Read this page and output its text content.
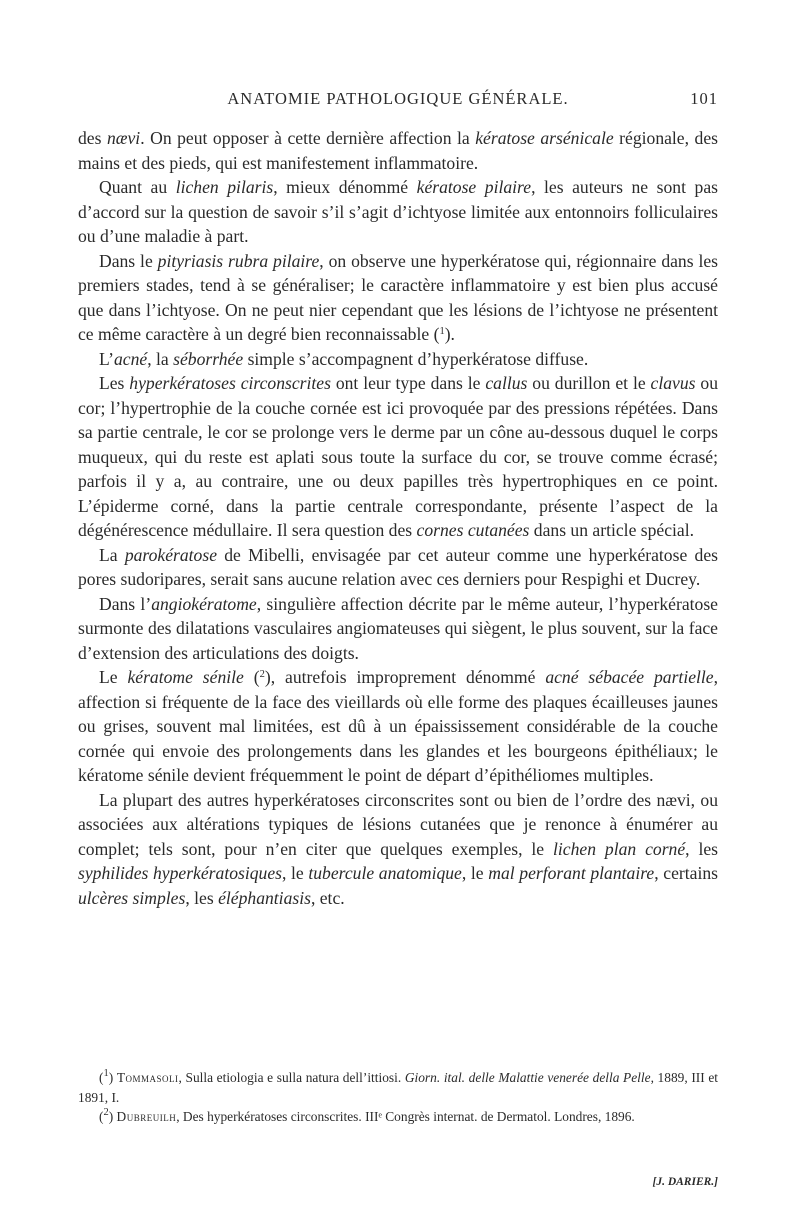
ANATOMIE PATHOLOGIQUE GÉNÉRALE.	101

des nævi. On peut opposer à cette dernière affection la kératose arsénicale régionale, des mains et des pieds, qui est manifestement inflammatoire.

Quant au lichen pilaris, mieux dénommé kératose pilaire, les auteurs ne sont pas d’accord sur la question de savoir s’il s’agit d’ichtyose limitée aux entonnoirs folliculaires ou d’une maladie à part.

Dans le pityriasis rubra pilaire, on observe une hyperkératose qui, régionnaire dans les premiers stades, tend à se généraliser; le caractère inflammatoire y est bien plus accusé que dans l’ichtyose. On ne peut nier cependant que les lésions de l’ichtyose ne présentent ce même caractère à un degré bien reconnaissable ($^1$).

L’acné, la séborrhée simple s’accompagnent d’hyperkératose diffuse.

Les hyperkératoses circonscrites ont leur type dans le callus ou durillon et le clavus ou cor; l’hypertrophie de la couche cornée est ici provoquée par des pressions répétées. Dans sa partie centrale, le cor se prolonge vers le derme par un cône au-dessous duquel le corps muqueux, qui du reste est aplati sous toute la surface du cor, se trouve comme écrasé; parfois il y a, au contraire, une ou deux papilles très hypertrophiques en ce point. L’épiderme corné, dans la partie centrale correspondante, présente l’aspect de la dégénérescence médullaire. Il sera question des cornes cutanées dans un article spécial.

La parokératose de Mibelli, envisagée par cet auteur comme une hyperkératose des pores sudoripares, serait sans aucune relation avec ces derniers pour Respighi et Ducrey.

Dans l’angiokératome, singulière affection décrite par le même auteur, l’hyperkératose surmonte des dilatations vasculaires angiomateuses qui siègent, le plus souvent, sur la face d’extension des articulations des doigts.

Le kératome sénile ($^2$), autrefois improprement dénommé acné sébacée partielle, affection si fréquente de la face des vieillards où elle forme des plaques écailleuses jaunes ou grises, souvent mal limitées, est dû à un épaississement considérable de la couche cornée qui envoie des prolongements dans les glandes et les bourgeons épithéliaux; le kératome sénile devient fréquemment le point de départ d’épithéliomes multiples.

La plupart des autres hyperkératoses circonscrites sont ou bien de l’ordre des nævi, ou associées aux altérations typiques de lésions cutanées que je renonce à énumérer au complet; tels sont, pour n’en citer que quelques exemples, le lichen plan corné, les syphilides hyperkératosiques, le tubercule anatomique, le mal perforant plantaire, certains ulcères simples, les éléphantiasis, etc.

($^1$) Tommasoli, Sulla etiologia e sulla natura dell’ittiosi. Giorn. ital. delle Malattie venerée della Pelle, 1889, III et 1891, I.

($^2$) Dubreuilh, Des hyperkératoses circonscrites. IIIᵉ Congrès internat. de Dermatol. Londres, 1896.

[J. DARIER.]
